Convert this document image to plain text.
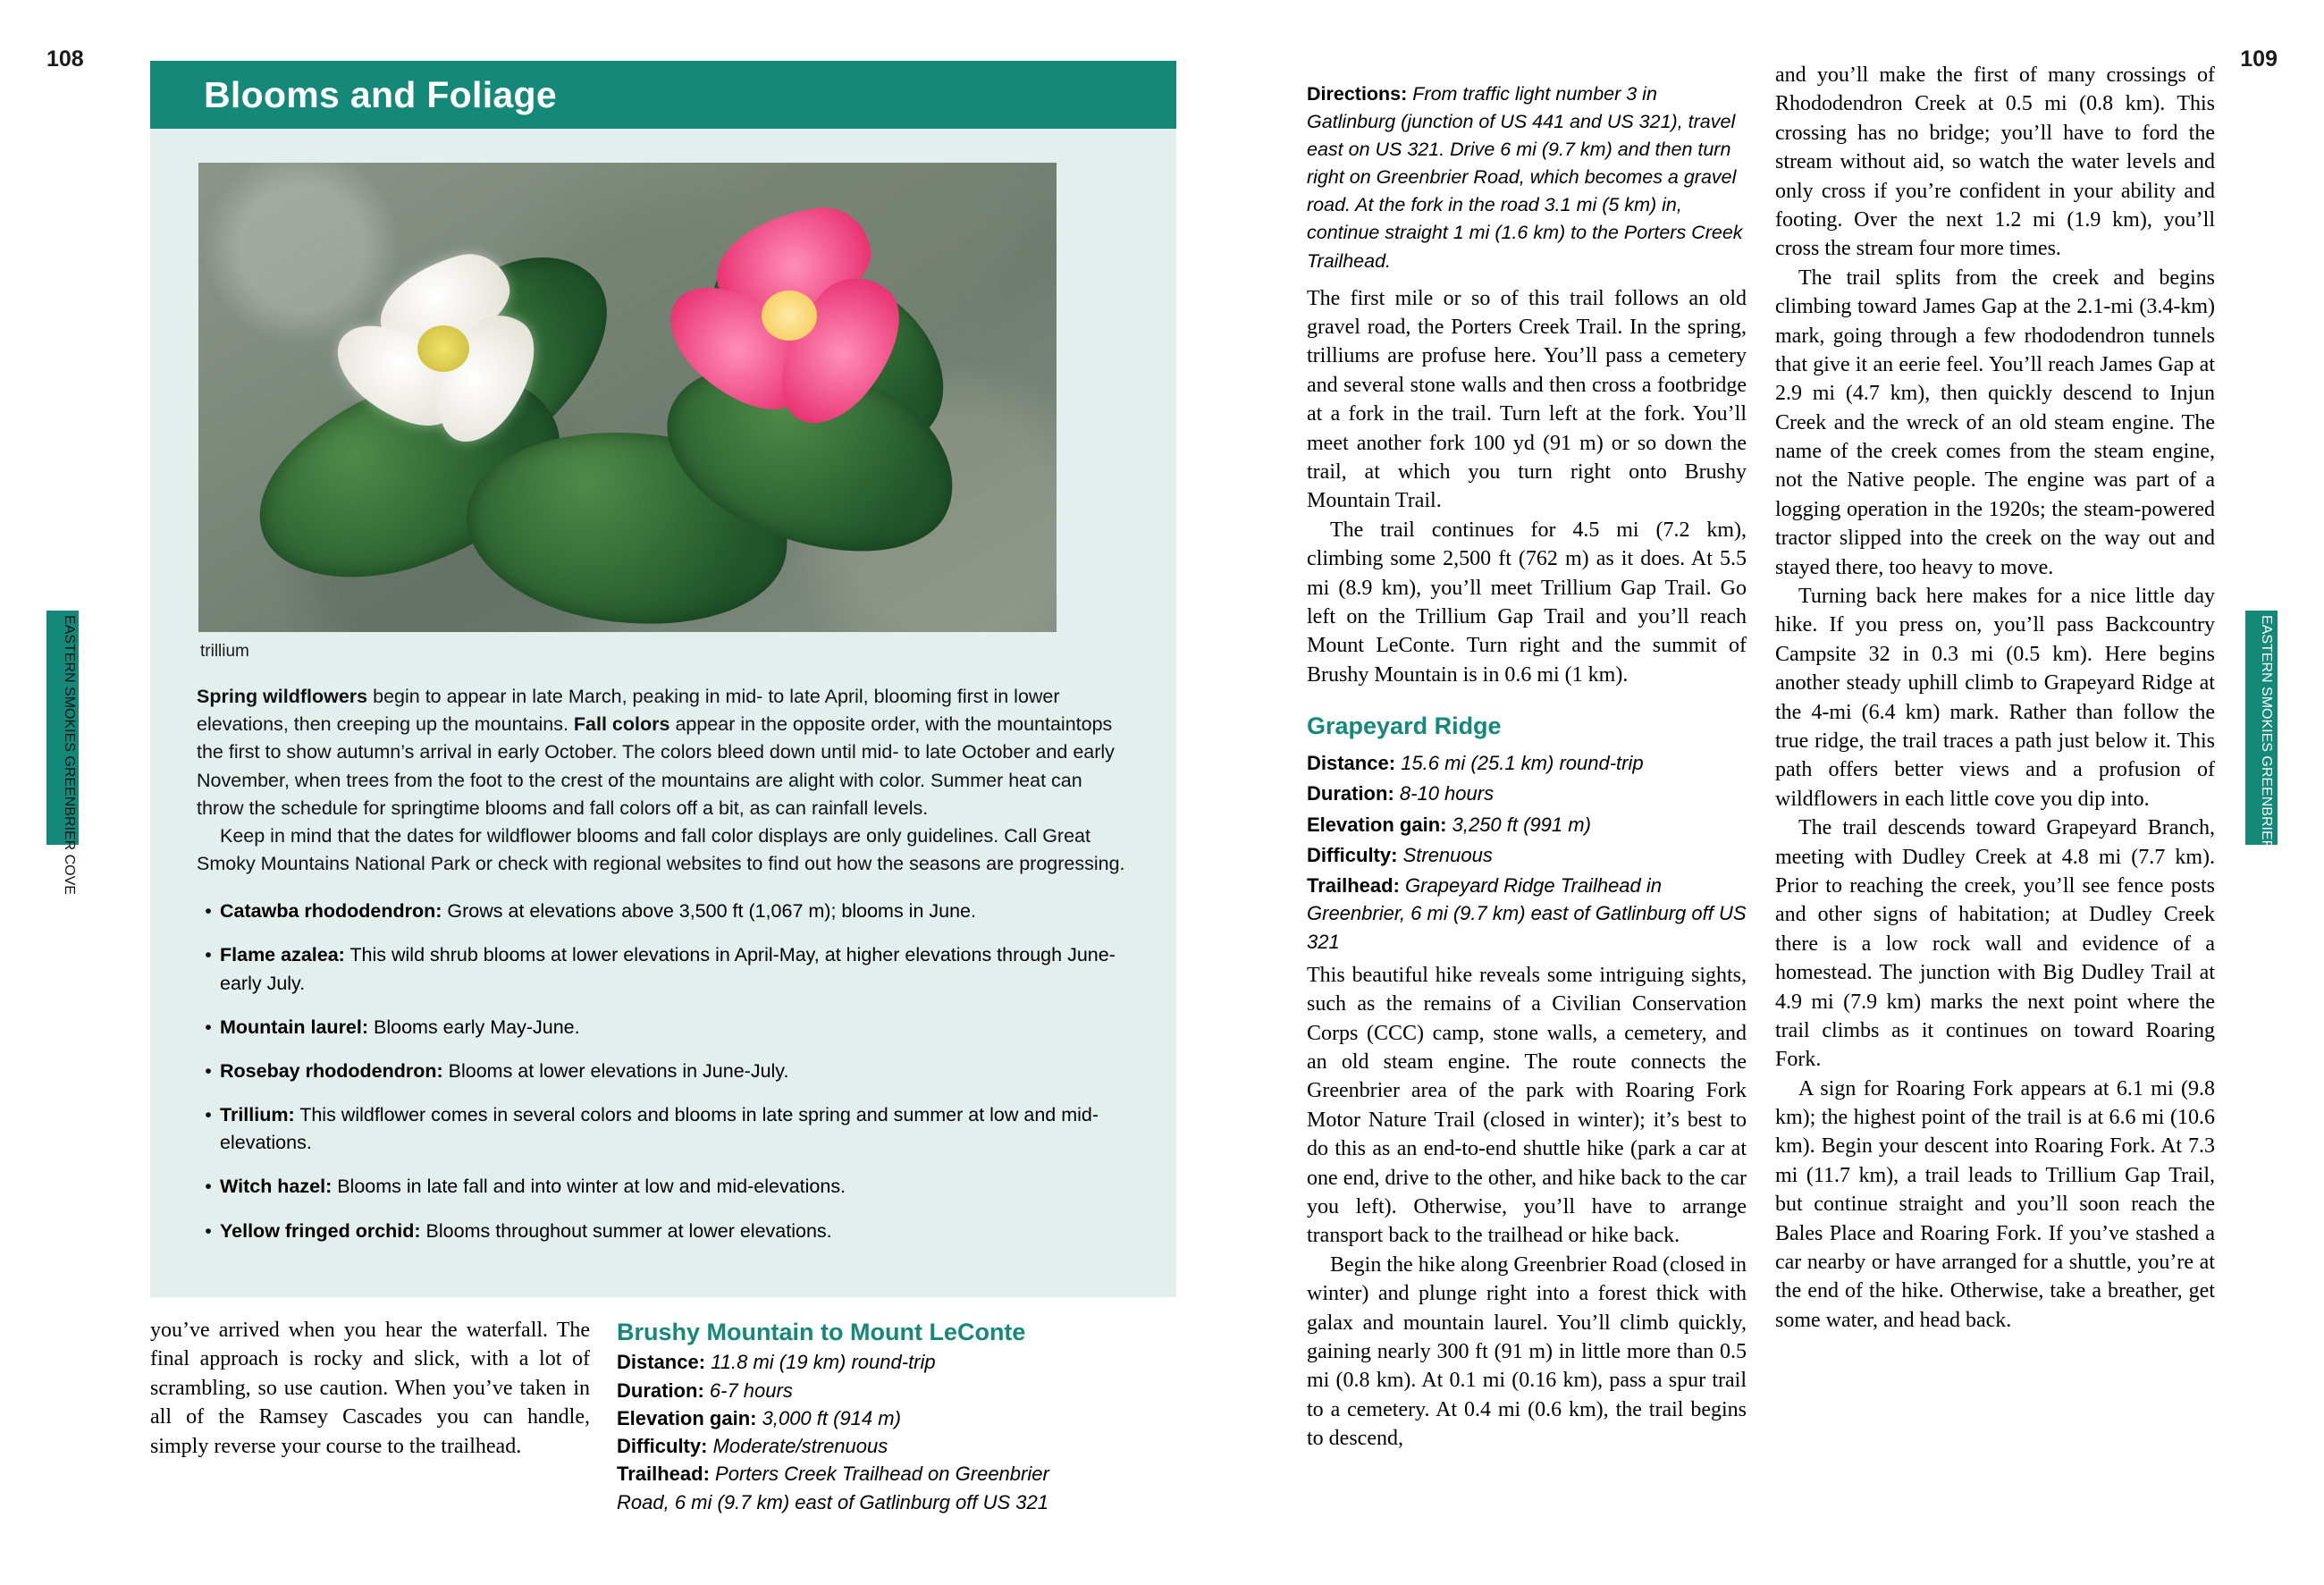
108	109
EASTERN SMOKIES GREENBRIER COVE
EASTERN SMOKIES GREENBRIER COVE
Blooms and Foliage
trillium

Spring wildflowers begin to appear in late March, peaking in mid- to late April, blooming first in lower elevations, then creeping up the mountains. Fall colors appear in the opposite order, with the mountaintops the first to show autumn’s arrival in early October. The colors bleed down until mid- to late October and early November, when trees from the foot to the crest of the mountains are alight with color. Summer heat can throw the schedule for springtime blooms and fall colors off a bit, as can rainfall levels.

Keep in mind that the dates for wildflower blooms and fall color displays are only guidelines. Call Great Smoky Mountains National Park or check with regional websites to find out how the seasons are progressing.

• Catawba rhododendron: Grows at elevations above 3,500 ft (1,067 m); blooms in June.
• Flame azalea: This wild shrub blooms at lower elevations in April-May, at higher elevations through June-early July.
• Mountain laurel: Blooms early May-June.
• Rosebay rhododendron: Blooms at lower elevations in June-July.
• Trillium: This wildflower comes in several colors and blooms in late spring and summer at low and mid-elevations.
• Witch hazel: Blooms in late fall and into winter at low and mid-elevations.
• Yellow fringed orchid: Blooms throughout summer at lower elevations.

you’ve arrived when you hear the waterfall. The final approach is rocky and slick, with a lot of scrambling, so use caution. When you’ve taken in all of the Ramsey Cascades you can handle, simply reverse your course to the trailhead.

Brushy Mountain to Mount LeConte

Distance: 11.8 mi (19 km) round-trip

Duration: 6-7 hours

Elevation gain: 3,000 ft (914 m)

Difficulty: Moderate/strenuous

Trailhead: Porters Creek Trailhead on Greenbrier Road, 6 mi (9.7 km) east of Gatlinburg off US 321

Directions: From traffic light number 3 in Gatlinburg (junction of US 441 and US 321), travel east on US 321. Drive 6 mi (9.7 km) and then turn right on Greenbrier Road, which becomes a gravel road. At the fork in the road 3.1 mi (5 km) in, continue straight 1 mi (1.6 km) to the Porters Creek Trailhead.

The first mile or so of this trail follows an old gravel road, the Porters Creek Trail. In the spring, trilliums are profuse here. You’ll pass a cemetery and several stone walls and then cross a footbridge at a fork in the trail. Turn left at the fork. You’ll meet another fork 100 yd (91 m) or so down the trail, at which you turn right onto Brushy Mountain Trail.

The trail continues for 4.5 mi (7.2 km), climbing some 2,500 ft (762 m) as it does. At 5.5 mi (8.9 km), you’ll meet Trillium Gap Trail. Go left on the Trillium Gap Trail and you’ll reach Mount LeConte. Turn right and the summit of Brushy Mountain is in 0.6 mi (1 km).

Grapeyard Ridge

Distance: 15.6 mi (25.1 km) round-trip

Duration: 8-10 hours

Elevation gain: 3,250 ft (991 m)

Difficulty: Strenuous

Trailhead: Grapeyard Ridge Trailhead in Greenbrier, 6 mi (9.7 km) east of Gatlinburg off US 321

This beautiful hike reveals some intriguing sights, such as the remains of a Civilian Conservation Corps (CCC) camp, stone walls, a cemetery, and an old steam engine. The route connects the Greenbrier area of the park with Roaring Fork Motor Nature Trail (closed in winter); it’s best to do this as an end-to-end shuttle hike (park a car at one end, drive to the other, and hike back to the car you left). Otherwise, you’ll have to arrange transport back to the trailhead or hike back.

Begin the hike along Greenbrier Road (closed in winter) and plunge right into a forest thick with galax and mountain laurel. You’ll climb quickly, gaining nearly 300 ft (91 m) in little more than 0.5 mi (0.8 km). At 0.1 mi (0.16 km), pass a spur trail to a cemetery. At 0.4 mi (0.6 km), the trail begins to descend,

and you’ll make the first of many crossings of Rhododendron Creek at 0.5 mi (0.8 km). This crossing has no bridge; you’ll have to ford the stream without aid, so watch the water levels and only cross if you’re confident in your ability and footing. Over the next 1.2 mi (1.9 km), you’ll cross the stream four more times.

The trail splits from the creek and begins climbing toward James Gap at the 2.1-mi (3.4-km) mark, going through a few rhododendron tunnels that give it an eerie feel. You’ll reach James Gap at 2.9 mi (4.7 km), then quickly descend to Injun Creek and the wreck of an old steam engine. The name of the creek comes from the steam engine, not the Native people. The engine was part of a logging operation in the 1920s; the steam-powered tractor slipped into the creek on the way out and stayed there, too heavy to move.

Turning back here makes for a nice little day hike. If you press on, you’ll pass Backcountry Campsite 32 in 0.3 mi (0.5 km). Here begins another steady uphill climb to Grapeyard Ridge at the 4-mi (6.4 km) mark. Rather than follow the true ridge, the trail traces a path just below it. This path offers better views and a profusion of wildflowers in each little cove you dip into.

The trail descends toward Grapeyard Branch, meeting with Dudley Creek at 4.8 mi (7.7 km). Prior to reaching the creek, you’ll see fence posts and other signs of habitation; at Dudley Creek there is a low rock wall and evidence of a homestead. The junction with Big Dudley Trail at 4.9 mi (7.9 km) marks the next point where the trail climbs as it continues on toward Roaring Fork.

A sign for Roaring Fork appears at 6.1 mi (9.8 km); the highest point of the trail is at 6.6 mi (10.6 km). Begin your descent into Roaring Fork. At 7.3 mi (11.7 km), a trail leads to Trillium Gap Trail, but continue straight and you’ll soon reach the Bales Place and Roaring Fork. If you’ve stashed a car nearby or have arranged for a shuttle, you’re at the end of the hike. Otherwise, take a breather, get some water, and head back.
